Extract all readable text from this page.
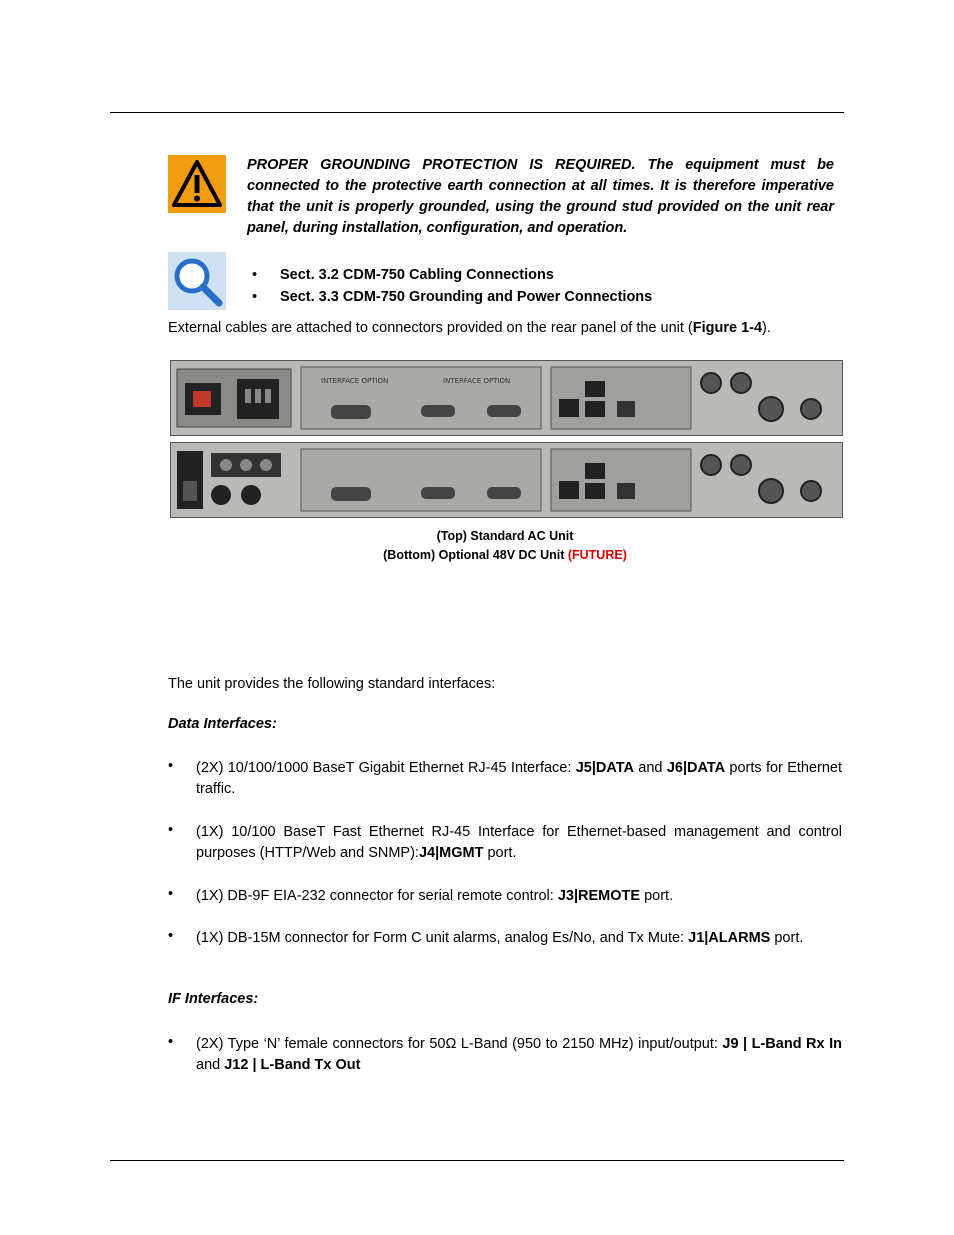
PROPER GROUNDING PROTECTION IS REQUIRED. The equipment must be connected to the protective earth connection at all times. It is therefore imperative that the unit is properly grounded, using the ground stud provided on the unit rear panel, during installation, configuration, and operation.
• Sect. 3.2 CDM-750 Cabling Connections
• Sect. 3.3 CDM-750 Grounding and Power Connections
External cables are attached to connectors provided on the rear panel of the unit (Figure 1-4).
INTERFACE OPTION	INTERFACE OPTION
(Top) Standard AC Unit
(Bottom) Optional 48V DC Unit (FUTURE)
The unit provides the following standard interfaces:
Data Interfaces:
• (2X) 10/100/1000 BaseT Gigabit Ethernet RJ-45 Interface: J5|DATA and J6|DATA ports for Ethernet traffic.
• (1X) 10/100 BaseT Fast Ethernet RJ-45 Interface for Ethernet-based management and control purposes (HTTP/Web and SNMP):J4|MGMT port.
• (1X) DB-9F EIA-232 connector for serial remote control: J3|REMOTE port.
• (1X) DB-15M connector for Form C unit alarms, analog Es/No, and Tx Mute: J1|ALARMS port.
IF Interfaces:
• (2X) Type ‘N’ female connectors for 50Ω L-Band (950 to 2150 MHz) input/output: J9 | L-Band Rx In and J12 | L-Band Tx Out
